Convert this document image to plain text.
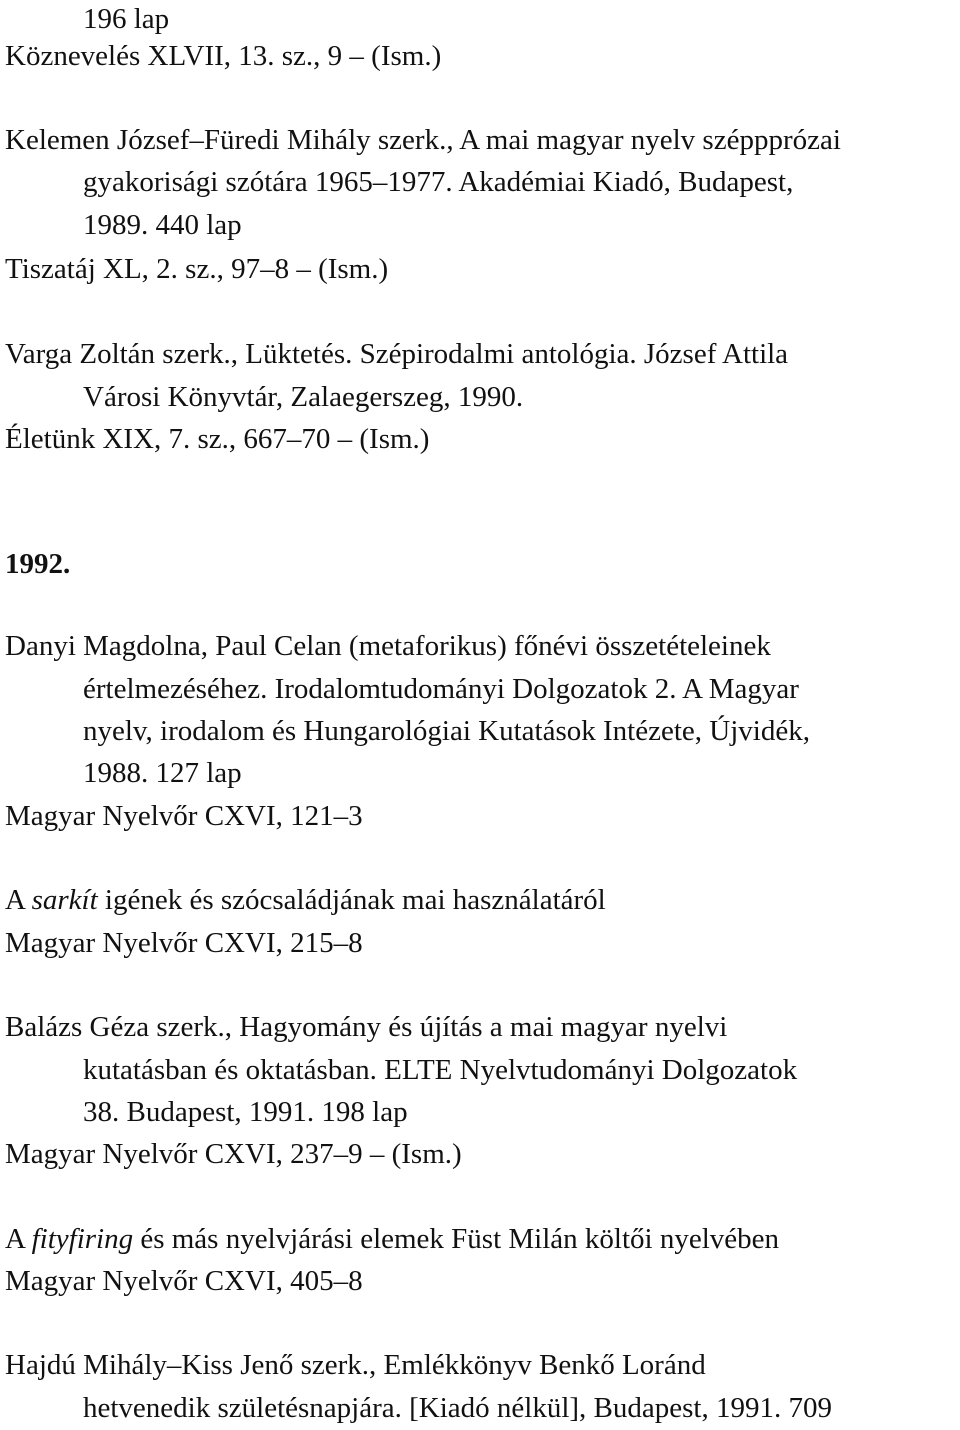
196 lap
Köznevelés XLVII, 13. sz., 9 – (Ism.)
Kelemen József–Füredi Mihály szerk., A mai magyar nyelv széppprózai
gyakorisági szótára 1965–1977. Akadémiai Kiadó, Budapest,
1989. 440 lap
Tiszatáj XL, 2. sz., 97–8 – (Ism.)
Varga Zoltán szerk., Lüktetés. Szépirodalmi antológia. József Attila
Városi Könyvtár, Zalaegerszeg, 1990.
Életünk XIX, 7. sz., 667–70 – (Ism.)
1992.
Danyi Magdolna, Paul Celan (metaforikus) főnévi összetételeinek
értelmezéséhez. Irodalomtudományi Dolgozatok 2. A Magyar
nyelv, irodalom és Hungarológiai Kutatások Intézete, Újvidék,
1988. 127 lap
Magyar Nyelvőr CXVI, 121–3
A sarkít igének és szócsaládjának mai használatáról
Magyar Nyelvőr CXVI, 215–8
Balázs Géza szerk., Hagyomány és újítás a mai magyar nyelvi
kutatásban és oktatásban. ELTE Nyelvtudományi Dolgozatok
38. Budapest, 1991. 198 lap
Magyar Nyelvőr CXVI, 237–9 – (Ism.)
A fityfiring és más nyelvjárási elemek Füst Milán költői nyelvében
Magyar Nyelvőr CXVI, 405–8
Hajdú Mihály–Kiss Jenő szerk., Emlékkönyv Benkő Loránd
hetvenedik születésnapjára. [Kiadó nélkül], Budapest, 1991. 709
